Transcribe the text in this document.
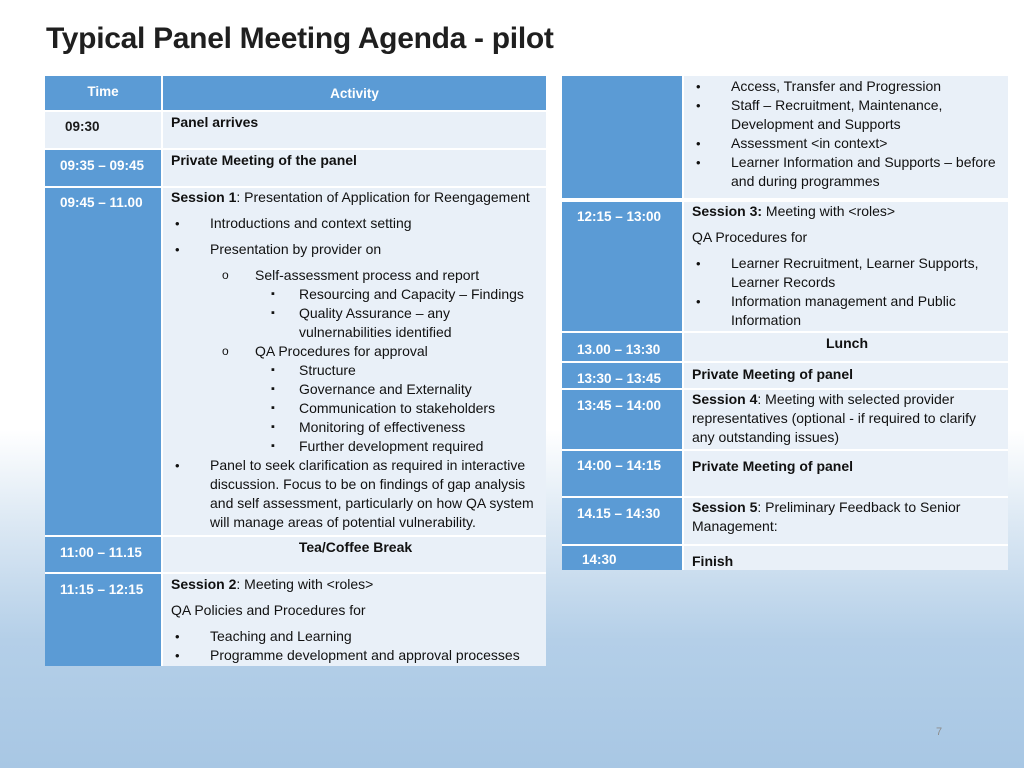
Typical Panel Meeting Agenda - pilot
Time	Activity
09:30	Panel arrives
09:35 – 09:45	Private Meeting of the panel
09:45 – 11.00	Session 1: Presentation of Application for Reengagement
• Introductions and context setting
• Presentation by provider on
o Self-assessment process and report
▪ Resourcing and Capacity – Findings
▪ Quality Assurance – any vulnernabilities identified
o QA Procedures for approval
▪ Structure
▪ Governance and Externality
▪ Communication to stakeholders
▪ Monitoring of effectiveness
▪ Further development required
• Panel to seek clarification as required in interactive discussion. Focus to be on findings of gap analysis and self assessment, particularly on how QA system will manage areas of potential vulnerability.
11:00 – 11.15	Tea/Coffee Break
11:15 – 12:15	Session 2: Meeting with <roles>
QA Policies and Procedures for
• Teaching and Learning
• Programme development and approval processes
• Access, Transfer and Progression
• Staff – Recruitment, Maintenance, Development and Supports
• Assessment <in context>
• Learner Information and Supports – before and during programmes
12:15 – 13:00	Session 3: Meeting with <roles>
QA Procedures for
• Learner Recruitment, Learner Supports, Learner Records
• Information management and Public Information
13.00 – 13:30	Lunch
13:30 – 13:45	Private Meeting of panel
13:45 – 14:00	Session 4: Meeting with selected provider representatives (optional - if required to clarify any outstanding issues)
14:00 – 14:15	Private Meeting of panel
14.15 – 14:30	Session 5: Preliminary Feedback to Senior Management:
14:30	Finish
7
